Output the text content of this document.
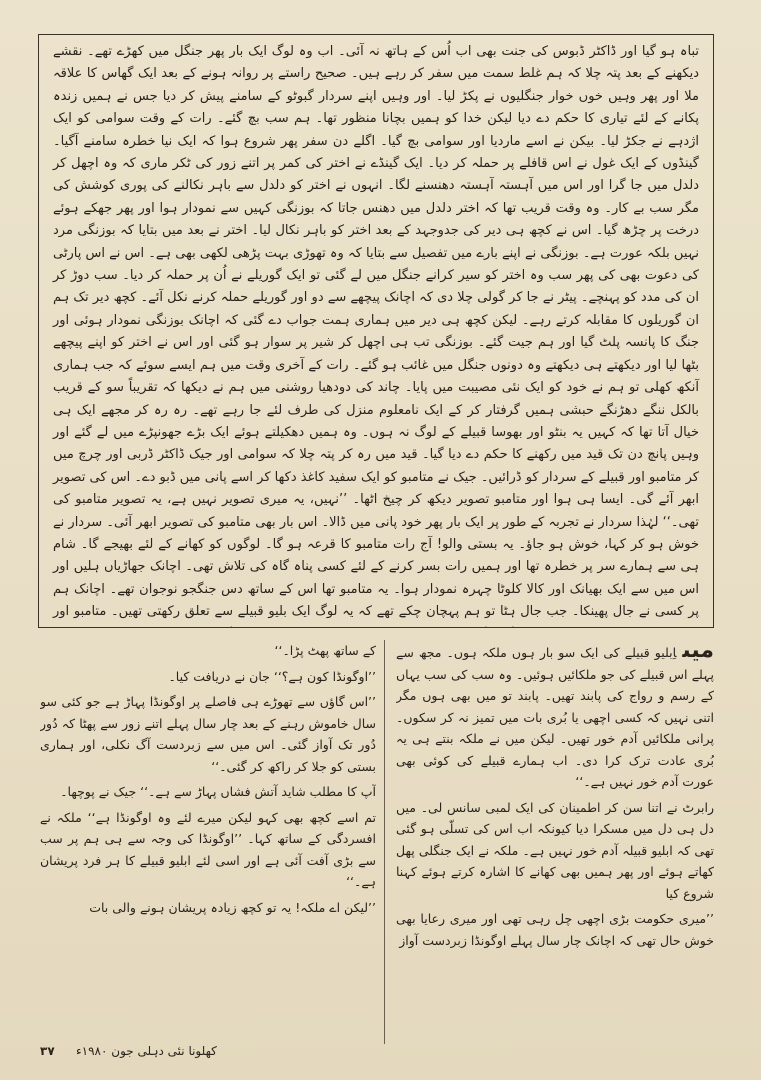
تباہ ہو گیا اور ڈاکٹر ڈبوس کی جنت بھی اب اُس کے ہاتھ نہ آئی۔ اب وہ لوگ ایک بار پھر جنگل میں کھڑے تھے۔ نقشے دیکھنے کے بعد پتہ چلا کہ ہم غلط سمت میں سفر کر رہے ہیں۔ صحیح راستے پر روانہ ہونے کے بعد ایک گھاس کا علاقہ ملا اور پھر وہیں خوں خوار جنگلیوں نے پکڑ لیا۔ اور وہیں اپنے سردار گبوٹو کے سامنے پیش کر دیا جس نے ہمیں زندہ پکانے کے لئے تیاری کا حکم دے دیا لیکن خدا کو ہمیں بچانا منظور تھا۔ ہم سب بچ گئے۔ رات کے وقت سوامی کو ایک اژدہے نے جکڑ لیا۔ بیکن نے اسے ماردیا اور سوامی بچ گیا۔ اگلے دن سفر پھر شروع ہوا کہ ایک نیا خطرہ سامنے آگیا۔ گینڈوں کے ایک غول نے اس قافلے پر حملہ کر دیا۔ ایک گینڈے نے اختر کی کمر پر اتنے زور کی ٹکر ماری کہ وہ اچھل کر دلدل میں جا گرا اور اس میں آہستہ آہستہ دھنسنے لگا۔ انہوں نے اختر کو دلدل سے باہر نکالنے کی پوری کوشش کی مگر سب بے کار۔ وہ وقت قریب تھا کہ اختر دلدل میں دھنس جاتا کہ بوزنگی کہیں سے نمودار ہوا اور پھر جھکے ہوئے درخت پر چڑھ گیا۔ اس نے کچھ ہی دیر کی جدوجہد کے بعد اختر کو باہر نکال لیا۔ اختر نے بعد میں بتایا کہ بوزنگی مرد نہیں بلکہ عورت ہے۔ بوزنگی نے اپنے بارے میں تفصیل سے بتایا کہ وہ تھوڑی بہت پڑھی لکھی بھی ہے۔ اس نے اس پارٹی کی دعوت بھی کی پھر سب وہ اختر کو سیر کرانے جنگل میں لے گئی تو ایک گوریلے نے اُن پر حملہ کر دیا۔ سب دوڑ کر ان کی مدد کو پہنچے۔ پیٹر نے جا کر گولی چلا دی کہ اچانک پیچھے سے دو اور گوریلے حملہ کرنے نکل آئے۔ کچھ دیر تک ہم ان گوریلوں کا مقابلہ کرتے رہے۔ لیکن کچھ ہی دیر میں ہماری ہمت جواب دے گئی کہ اچانک بوزنگی نمودار ہوئی اور جنگ کا پانسہ پلٹ گیا اور ہم جیت گئے۔ بوزنگی تب ہی اچھل کر شیر پر سوار ہو گئی اور اس نے اختر کو اپنے پیچھے بٹھا لیا اور دیکھتے ہی دیکھتے وہ دونوں جنگل میں غائب ہو گئے۔ رات کے آخری وقت میں ہم ایسے سوئے کہ جب ہماری آنکھ کھلی تو ہم نے خود کو ایک نئی مصیبت میں پایا۔ چاند کی دودھیا روشنی میں ہم نے دیکھا کہ تقریباً سو کے قریب بالکل ننگے دھڑنگے حبشی ہمیں گرفتار کر کے ایک نامعلوم منزل کی طرف لئے جا رہے تھے۔ رہ رہ کر مجھے ایک ہی خیال آتا تھا کہ کہیں یہ بنٹو اور بھوسا قبیلے کے لوگ نہ ہوں۔ وہ ہمیں دھکیلتے ہوئے ایک بڑے جھونپڑے میں لے گئے اور وہیں پانچ دن تک قید میں رکھنے کا حکم دے دیا گیا۔ قید میں رہ کر پتہ چلا کہ سوامی اور جیک ڈاکٹر ڈربی اور چرچ میں کر متامبو اور قبیلے کے سردار کو ڈرائیں۔ جیک نے متامبو کو ایک سفید کاغذ دکھا کر اسے پانی میں ڈبو دے۔ اس کی تصویر ابھر آئے گی۔ ایسا ہی ہوا اور متامبو تصویر دیکھ کر چیخ اٹھا۔ ’’نہیں، یہ میری تصویر نہیں ہے، یہ تصویر متامبو کی تھی۔‘‘ لہٰذا سردار نے تجربہ کے طور پر ایک بار پھر خود پانی میں ڈالا۔ اس بار بھی متامبو کی تصویر ابھر آئی۔ سردار نے خوش ہو کر کہا، خوش ہو جاؤ۔ یہ بستی والو! آج رات متامبو کا قرعہ ہو گا۔ لوگوں کو کھانے کے لئے بھیجے گا۔ شام ہی سے ہمارے سر پر خطرہ تھا اور ہمیں رات بسر کرنے کے لئے کسی پناہ گاہ کی تلاش تھی۔ اچانک جھاڑیاں ہلیں اور اس میں سے ایک بھیانک اور کالا کلوٹا چہرہ نمودار ہوا۔ یہ متامبو تھا اس کے ساتھ دس جنگجو نوجوان تھے۔ اچانک ہم پر کسی نے جال پھینکا۔ جب جال ہٹا تو ہم پہچان چکے تھے کہ یہ لوگ ایک بلیو قبیلے سے تعلق رکھتی تھیں۔ متامبو اور

میںاِبلیو قبیلے کی ایک سو بار ہوں ملکہ ہوں۔ مجھ سے پہلے اس قبیلے کی جو ملکائیں ہوئیں۔ وہ سب کی سب یہاں کے رسم و رواج کی پابند تھیں۔ پابند تو میں بھی ہوں مگر اتنی نہیں کہ کسی اچھی یا بُری بات میں تمیز نہ کر سکوں۔ پرانی ملکائیں آدم خور تھیں۔ لیکن میں نے ملکہ بنتے ہی یہ بُری عادت ترک کرا دی۔ اب ہمارے قبیلے کی کوئی بھی عورت آدم خور نہیں ہے۔‘‘

رابرٹ نے اتنا سن کر اطمینان کی ایک لمبی سانس لی۔ میں دل ہی دل میں مسکرا دیا کیونکہ اب اس کی تسلّی ہو گئی تھی کہ ابلیو قبیلہ آدم خور نہیں ہے۔ ملکہ نے ایک جنگلی پھل کھاتے ہوئے اور پھر ہمیں بھی کھانے کا اشارہ کرتے ہوئے کہنا شروع کیا

’’میری حکومت بڑی اچھی چل رہی تھی اور میری رعایا بھی خوش حال تھی کہ اچانک چار سال پہلے اوگونڈا زبردست آواز

کے ساتھ پھٹ پڑا۔‘‘

’’اوگونڈا کون ہے؟‘‘ جان نے دریافت کیا۔

’’اس گاؤں سے تھوڑے ہی فاصلے پر اوگونڈا پہاڑ ہے جو کئی سو سال خاموش رہنے کے بعد چار سال پہلے اتنے زور سے پھٹا کہ دُور دُور تک آواز گئی۔ اس میں سے زبردست آگ نکلی، اور ہماری بستی کو جلا کر راکھ کر گئی۔‘‘

آپ کا مطلب شاید آتش فشاں پہاڑ سے ہے۔‘‘ جیک نے پوچھا۔

تم اسے کچھ بھی کہو لیکن میرے لئے وہ اوگونڈا ہے‘‘ ملکہ نے افسردگی کے ساتھ کہا۔ ’’اوگونڈا کی وجہ سے ہی ہم پر سب سے بڑی آفت آئی ہے اور اسی لئے ابلیو قبیلے کا ہر فرد پریشان ہے۔‘‘

’’لیکن اے ملکہ! یہ تو کچھ زیادہ پریشان ہونے والی بات

۳۷ کھلونا نئی دہلی جون ۱۹۸۰ء
